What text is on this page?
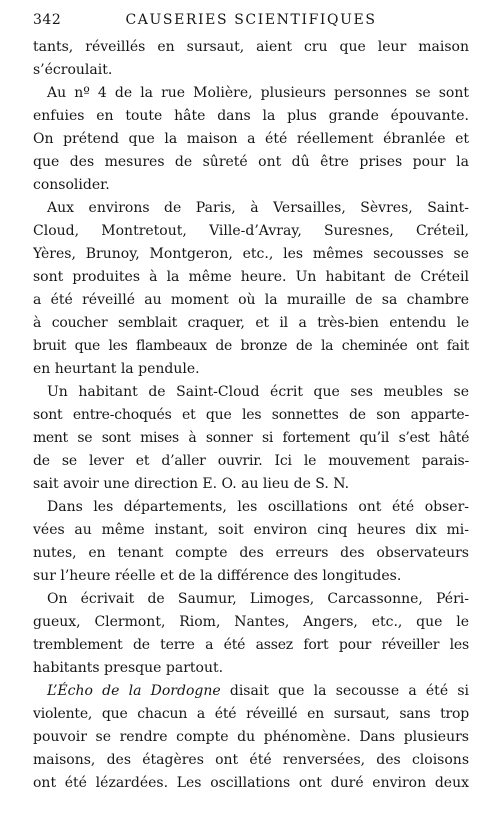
342	CAUSERIES SCIENTIFIQUES
tants, réveillés en sursaut, aient cru que leur maison
s’écroulait.
Au nº 4 de la rue Molière, plusieurs personnes se sont
enfuies en toute hâte dans la plus grande épouvante.
On prétend que la maison a été réellement ébranlée et
que des mesures de sûreté ont dû être prises pour la
consolider.
Aux environs de Paris, à Versailles, Sèvres, Saint-
Cloud, Montretout, Ville-d’Avray, Suresnes, Créteil,
Yères, Brunoy, Montgeron, etc., les mêmes secousses se
sont produites à la même heure. Un habitant de Créteil
a été réveillé au moment où la muraille de sa chambre
à coucher semblait craquer, et il a très-bien entendu le
bruit que les flambeaux de bronze de la cheminée ont fait
en heurtant la pendule.
Un habitant de Saint-Cloud écrit que ses meubles se
sont entre-choqués et que les sonnettes de son apparte-
ment se sont mises à sonner si fortement qu’il s’est hâté
de se lever et d’aller ouvrir. Ici le mouvement parais-
sait avoir une direction E. O. au lieu de S. N.
Dans les départements, les oscillations ont été obser-
vées au même instant, soit environ cinq heures dix mi-
nutes, en tenant compte des erreurs des observateurs
sur l’heure réelle et de la différence des longitudes.
On écrivait de Saumur, Limoges, Carcassonne, Péri-
gueux, Clermont, Riom, Nantes, Angers, etc., que le
tremblement de terre a été assez fort pour réveiller les
habitants presque partout.
L’Écho de la Dordogne disait que la secousse a été si
violente, que chacun a été réveillé en sursaut, sans trop
pouvoir se rendre compte du phénomène. Dans plusieurs
maisons, des étagères ont été renversées, des cloisons
ont été lézardées. Les oscillations ont duré environ deux
